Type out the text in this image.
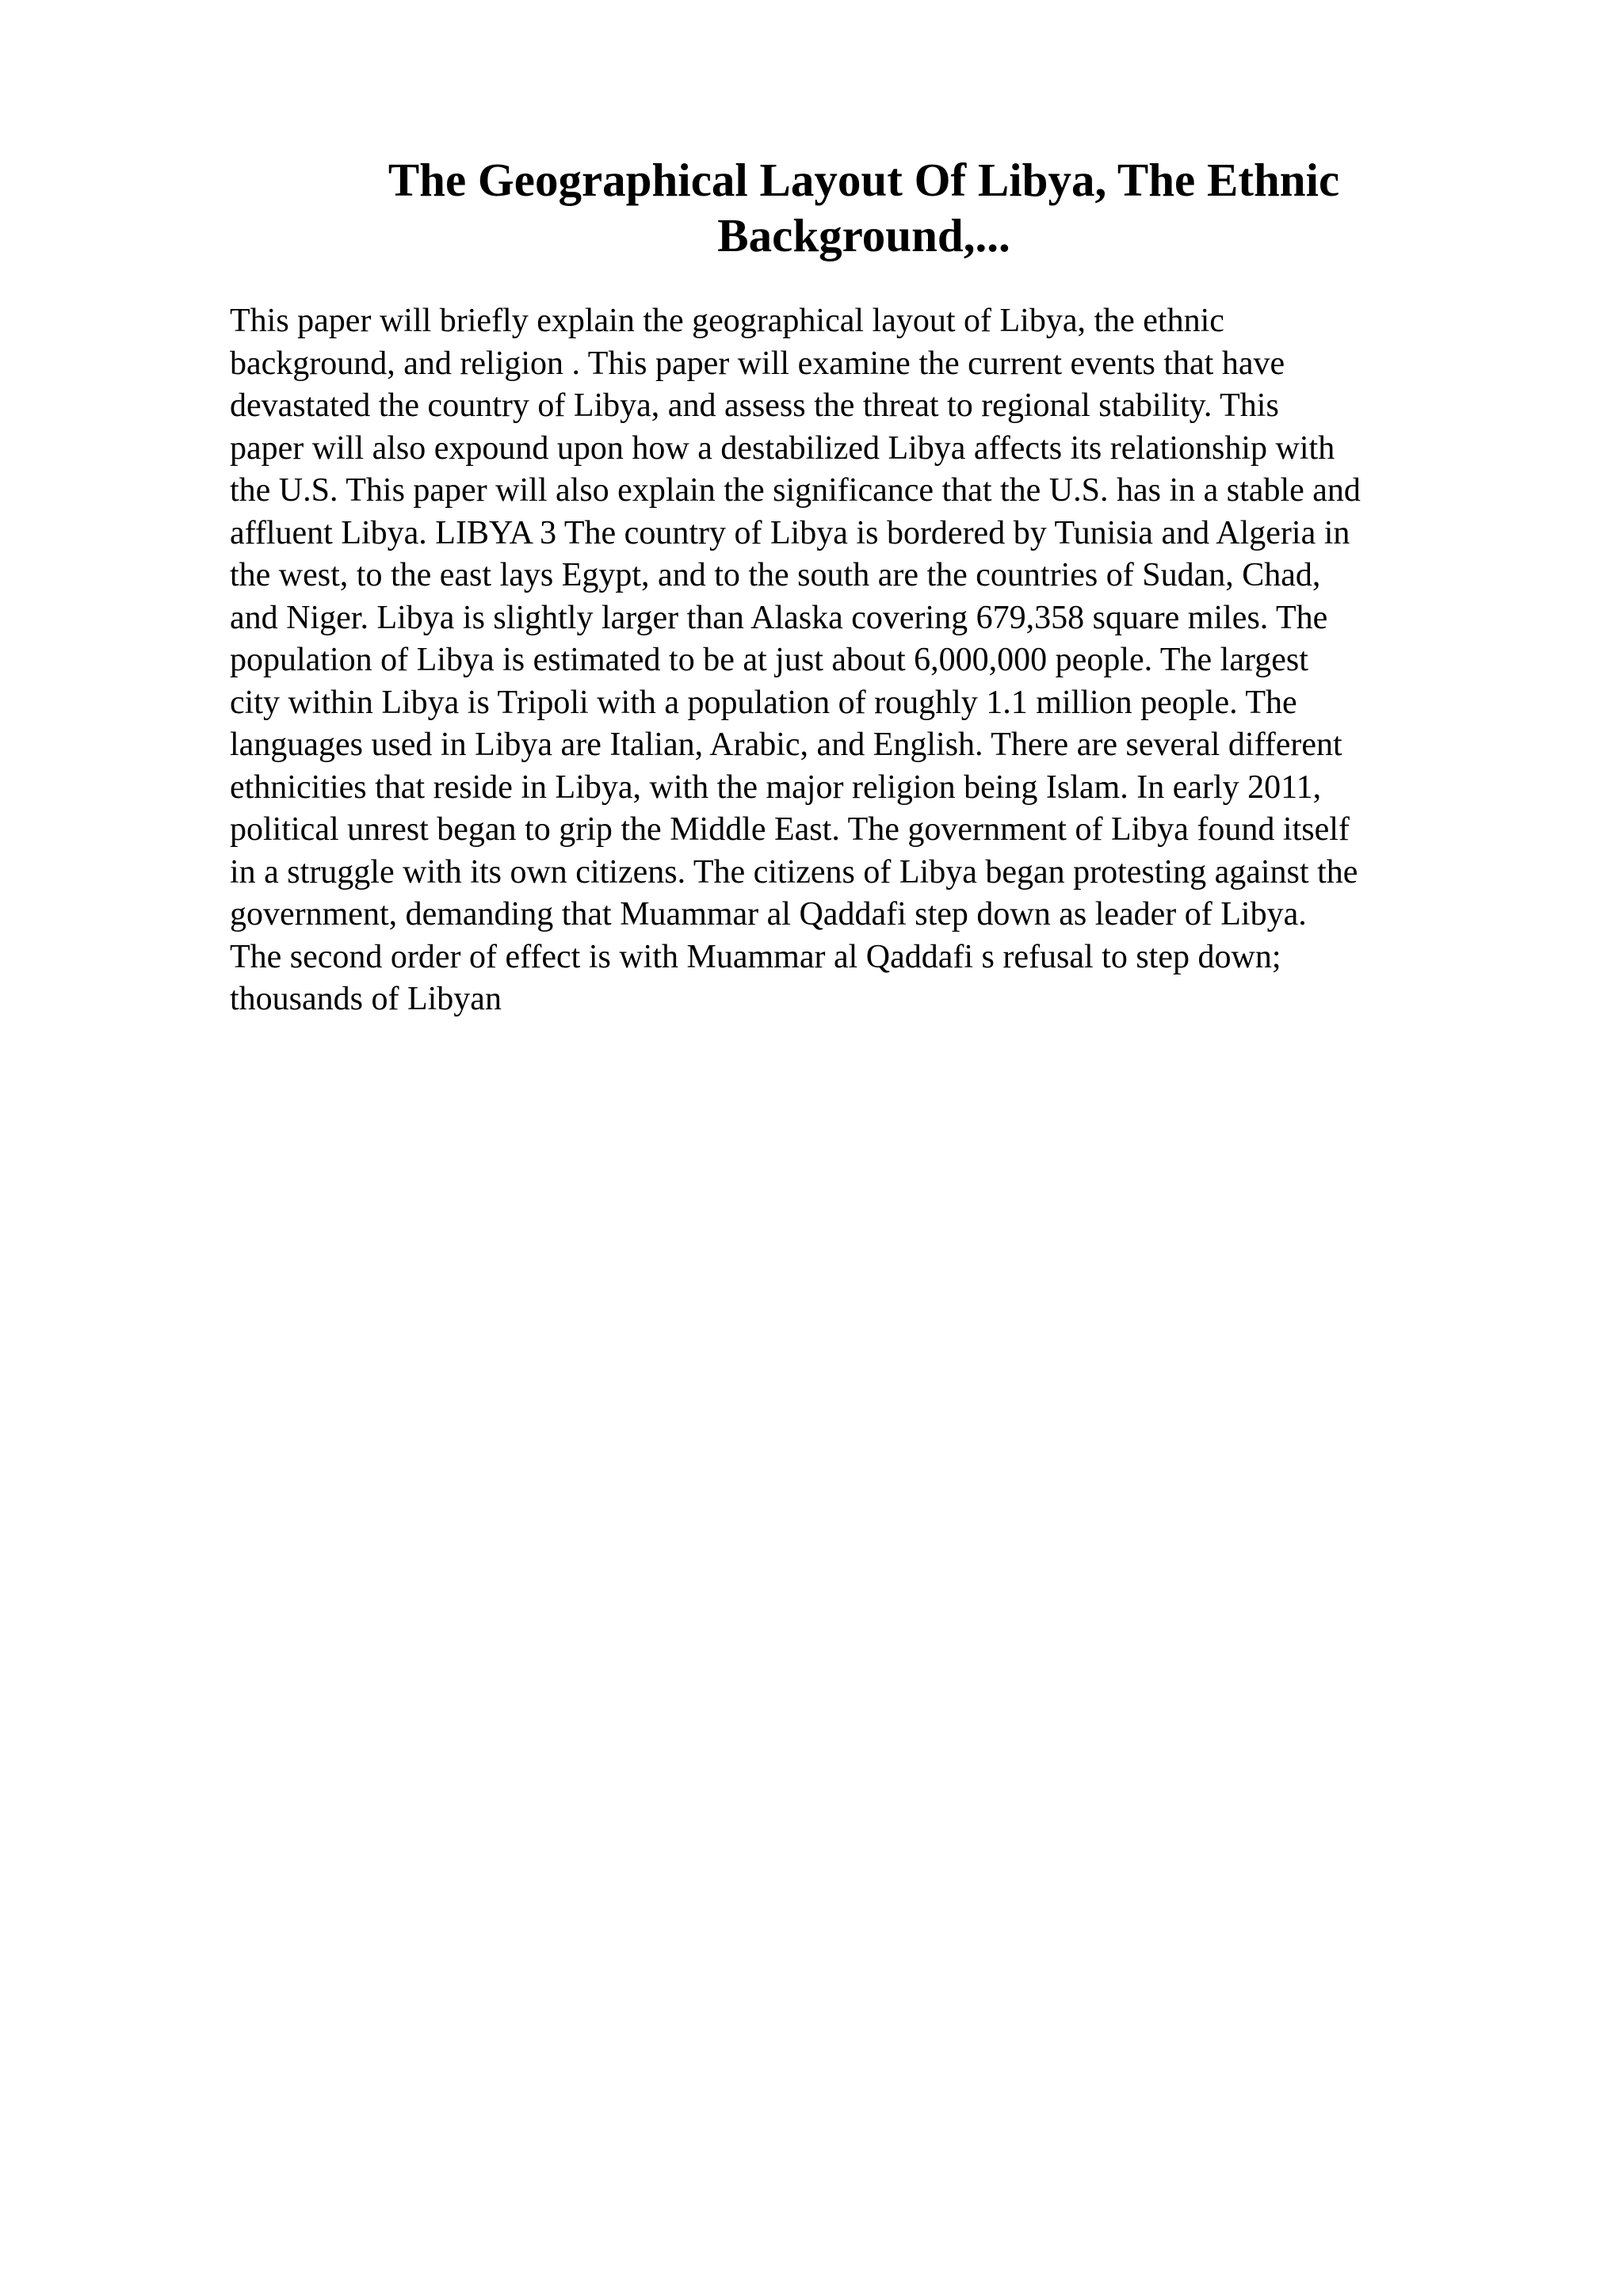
The Geographical Layout Of Libya, The Ethnic
Background,...
This paper will briefly explain the geographical layout of Libya, the ethnic
background, and religion . This paper will examine the current events that have
devastated the country of Libya, and assess the threat to regional stability. This
paper will also expound upon how a destabilized Libya affects its relationship with
the U.S. This paper will also explain the significance that the U.S. has in a stable and
affluent Libya. LIBYA 3 The country of Libya is bordered by Tunisia and Algeria in
the west, to the east lays Egypt, and to the south are the countries of Sudan, Chad,
and Niger. Libya is slightly larger than Alaska covering 679,358 square miles. The
population of Libya is estimated to be at just about 6,000,000 people. The largest
city within Libya is Tripoli with a population of roughly 1.1 million people. The
languages used in Libya are Italian, Arabic, and English. There are several different
ethnicities that reside in Libya, with the major religion being Islam. In early 2011,
political unrest began to grip the Middle East. The government of Libya found itself
in a struggle with its own citizens. The citizens of Libya began protesting against the
government, demanding that Muammar al Qaddafi step down as leader of Libya.
The second order of effect is with Muammar al Qaddafi s refusal to step down;
thousands of Libyan
